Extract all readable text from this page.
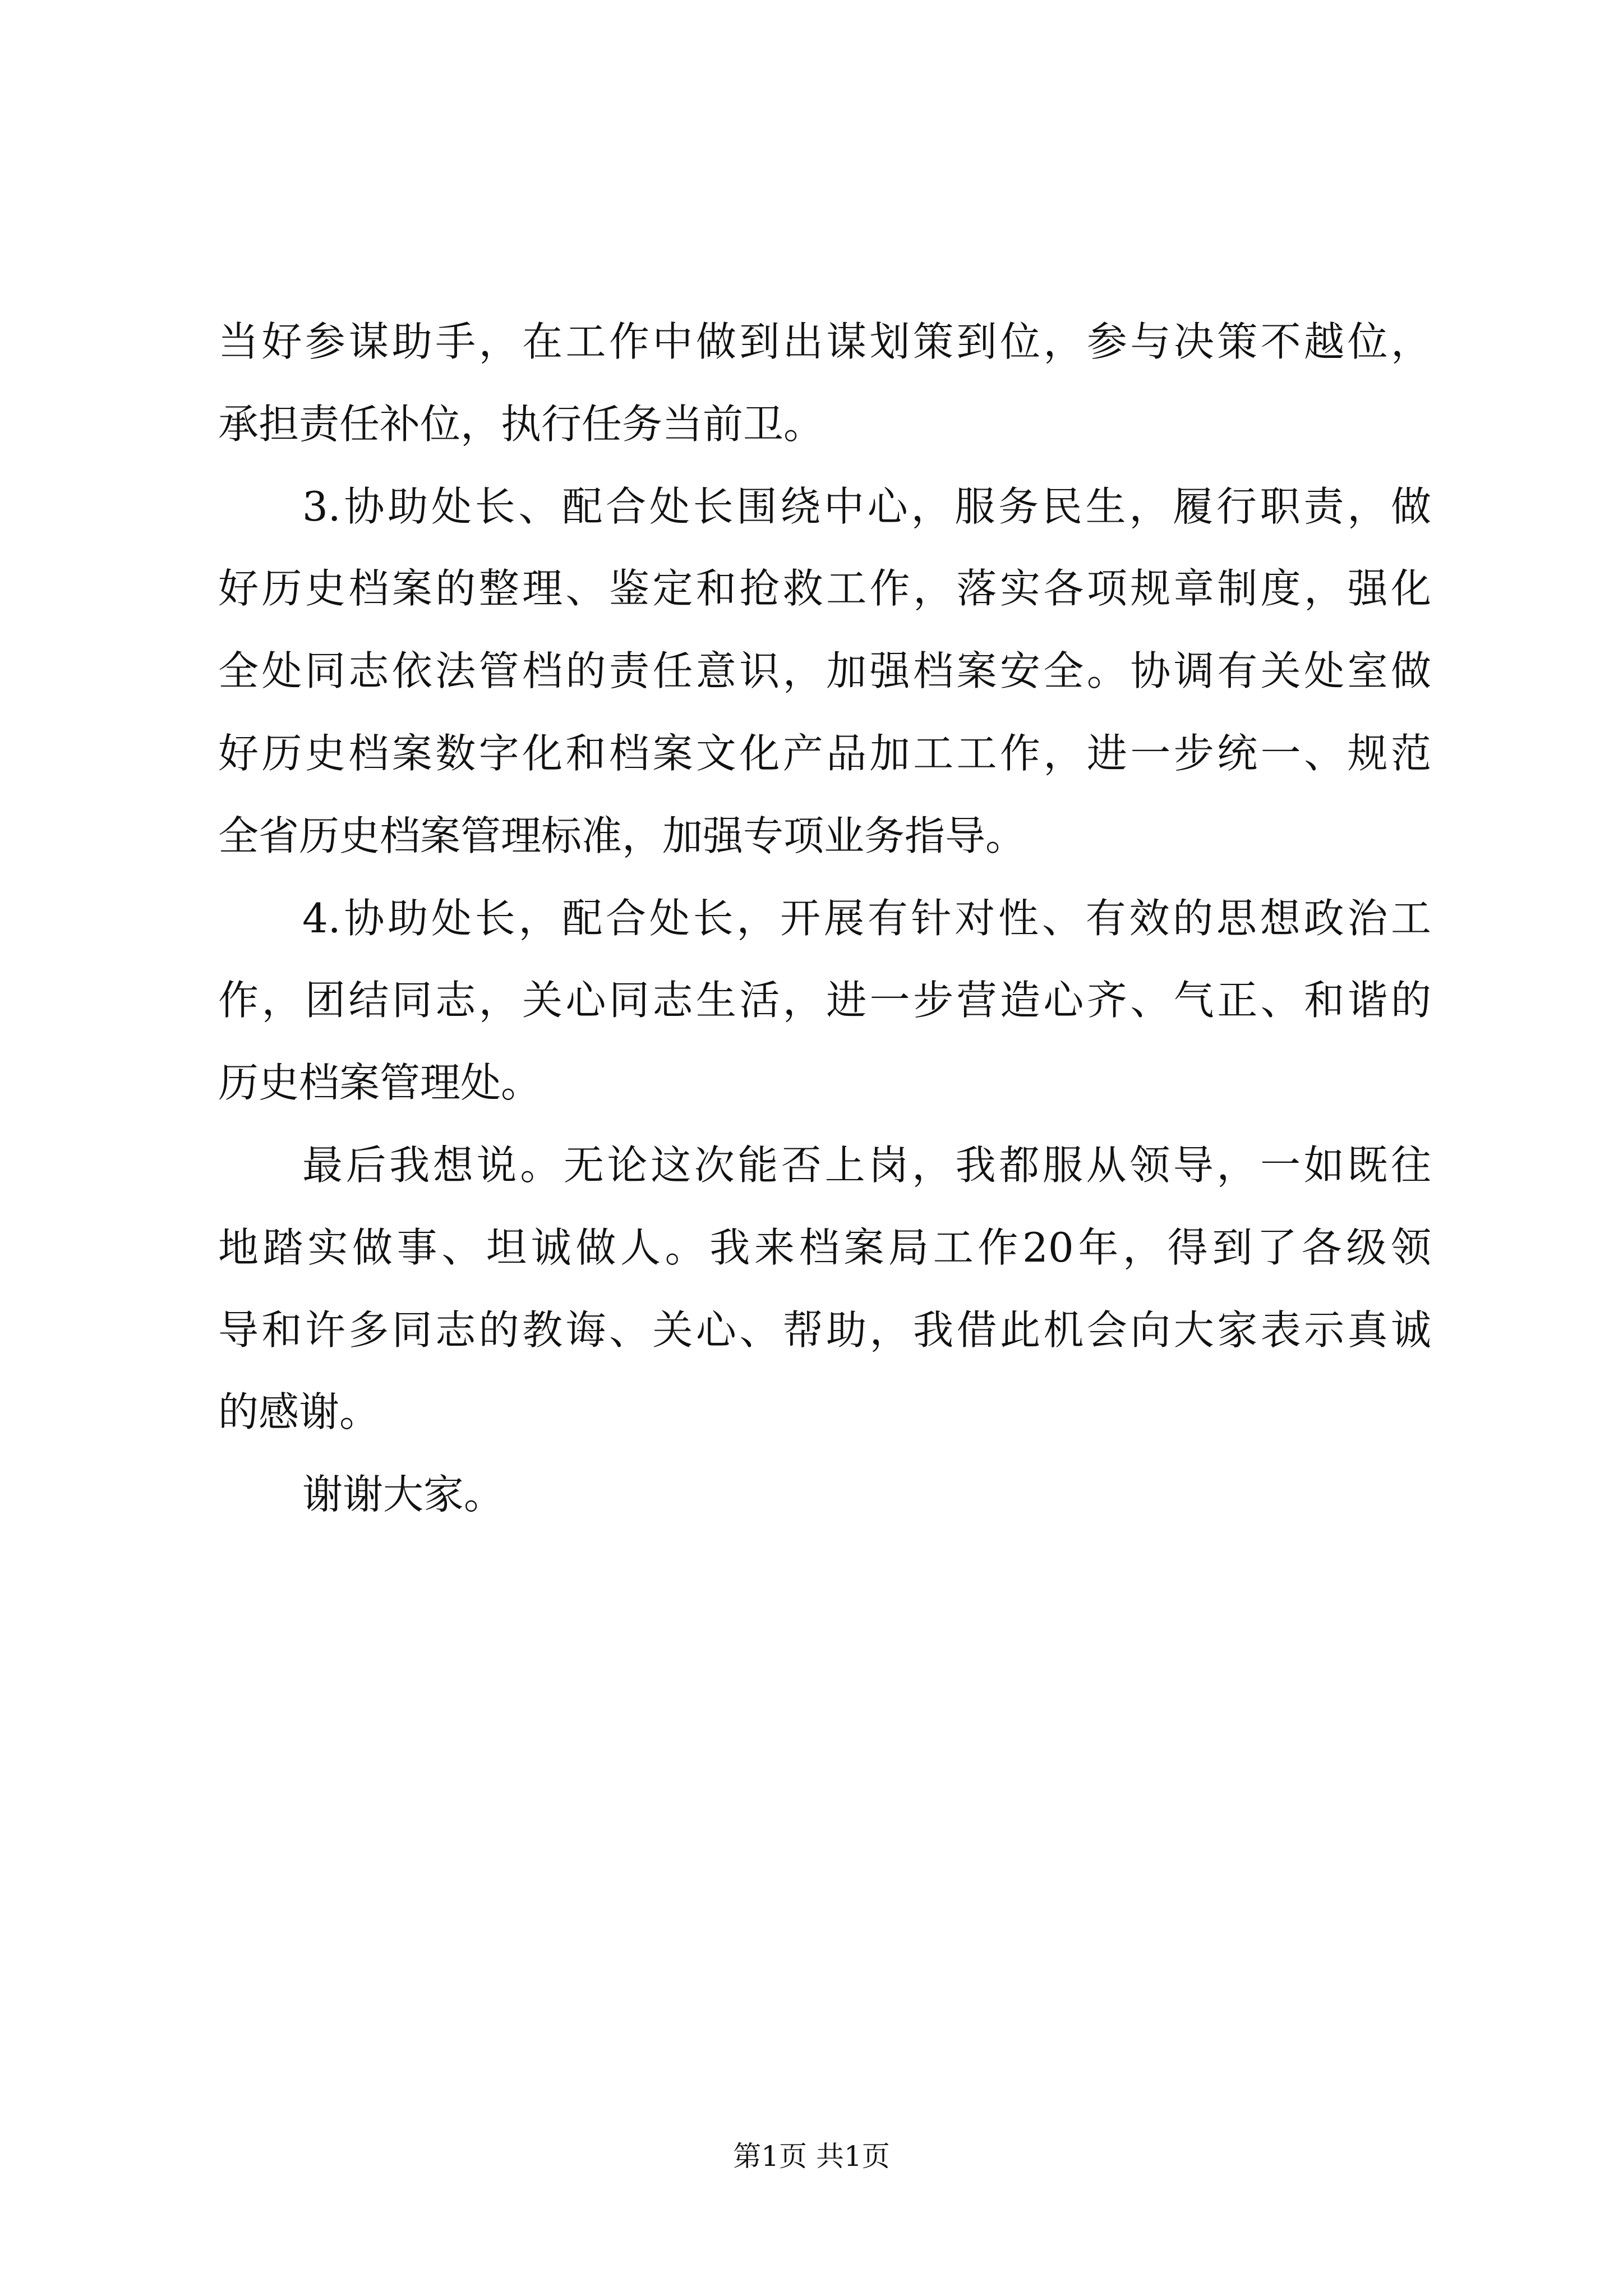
当好参谋助手，在工作中做到出谋划策到位，参与决策不越位，
承担责任补位，执行任务当前卫。
3.协助处长、配合处长围绕中心，服务民生，履行职责，做
好历史档案的整理、鉴定和抢救工作，落实各项规章制度，强化
全处同志依法管档的责任意识，加强档案安全。协调有关处室做
好历史档案数字化和档案文化产品加工工作，进一步统一、规范
全省历史档案管理标准，加强专项业务指导。
4.协助处长，配合处长，开展有针对性、有效的思想政治工
作，团结同志，关心同志生活，进一步营造心齐、气正、和谐的
历史档案管理处。
最后我想说。无论这次能否上岗，我都服从领导，一如既往
地踏实做事、坦诚做人。我来档案局工作20年，得到了各级领
导和许多同志的教诲、关心、帮助，我借此机会向大家表示真诚
的感谢。
谢谢大家。
第1页 共1页
